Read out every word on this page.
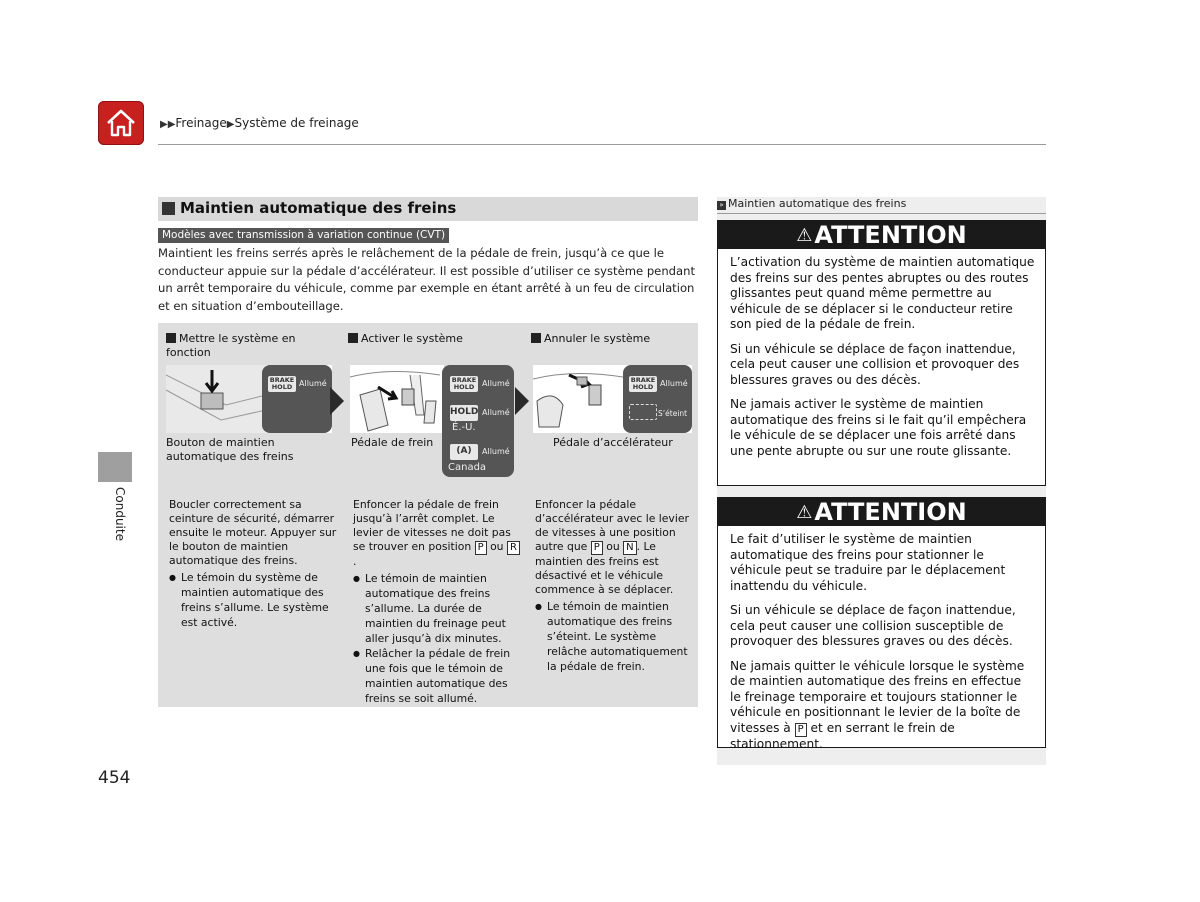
▶▶Freinage▶Système de freinage
Maintien automatique des freins
Modèles avec transmission à variation continue (CVT)
Maintient les freins serrés après le relâchement de la pédale de frein, jusqu’à ce que le conducteur appuie sur la pédale d’accélérateur. Il est possible d’utiliser ce système pendant un arrêt temporaire du véhicule, comme par exemple en étant arrêté à un feu de circulation et en situation d’embouteillage.
Mettre le système en fonction
BRAKE
HOLD Allumé
Bouton de maintien automatique des freins
Boucler correctement sa ceinture de sécurité, démarrer ensuite le moteur. Appuyer sur le bouton de maintien automatique des freins.
● Le témoin du système de maintien automatique des freins s’allume. Le système est activé.
Activer le système
BRAKE
HOLD Allumé
HOLD Allumé
É.-U.
(A)	Allumé
Canada
Pédale de frein
Enfoncer la pédale de frein jusqu’à l’arrêt complet. Le levier de vitesses ne doit pas se trouver en position P ou R.
● Le témoin de maintien automatique des freins s’allume. La durée de maintien du freinage peut aller jusqu’à dix minutes.
● Relâcher la pédale de frein une fois que le témoin de maintien automatique des freins se soit allumé.
Annuler le système
BRAKE
HOLD Allumé
S’éteint
Pédale d’accélérateur
Enfoncer la pédale d’accélérateur avec le levier de vitesses à une position autre que P ou N . Le maintien des freins est désactivé et le véhicule commence à se déplacer.
● Le témoin de maintien automatique des freins s’éteint. Le système relâche automatiquement la pédale de frein.
Conduite
454
» Maintien automatique des freins
⚠ATTENTION

L’activation du système de maintien automatique des freins sur des pentes abruptes ou des routes glissantes peut quand même permettre au véhicule de se déplacer si le conducteur retire son pied de la pédale de frein.

Si un véhicule se déplace de façon inattendue, cela peut causer une collision et provoquer des blessures graves ou des décès.

Ne jamais activer le système de maintien automatique des freins si le fait qu’il empêchera le véhicule de se déplacer une fois arrêté dans une pente abrupte ou sur une route glissante.

⚠ATTENTION

Le fait d’utiliser le système de maintien automatique des freins pour stationner le véhicule peut se traduire par le déplacement inattendu du véhicule.

Si un véhicule se déplace de façon inattendue, cela peut causer une collision susceptible de provoquer des blessures graves ou des décès.

Ne jamais quitter le véhicule lorsque le système de maintien automatique des freins en effectue le freinage temporaire et toujours stationner le véhicule en positionnant le levier de la boîte de vitesses à P et en serrant le frein de stationnement.
